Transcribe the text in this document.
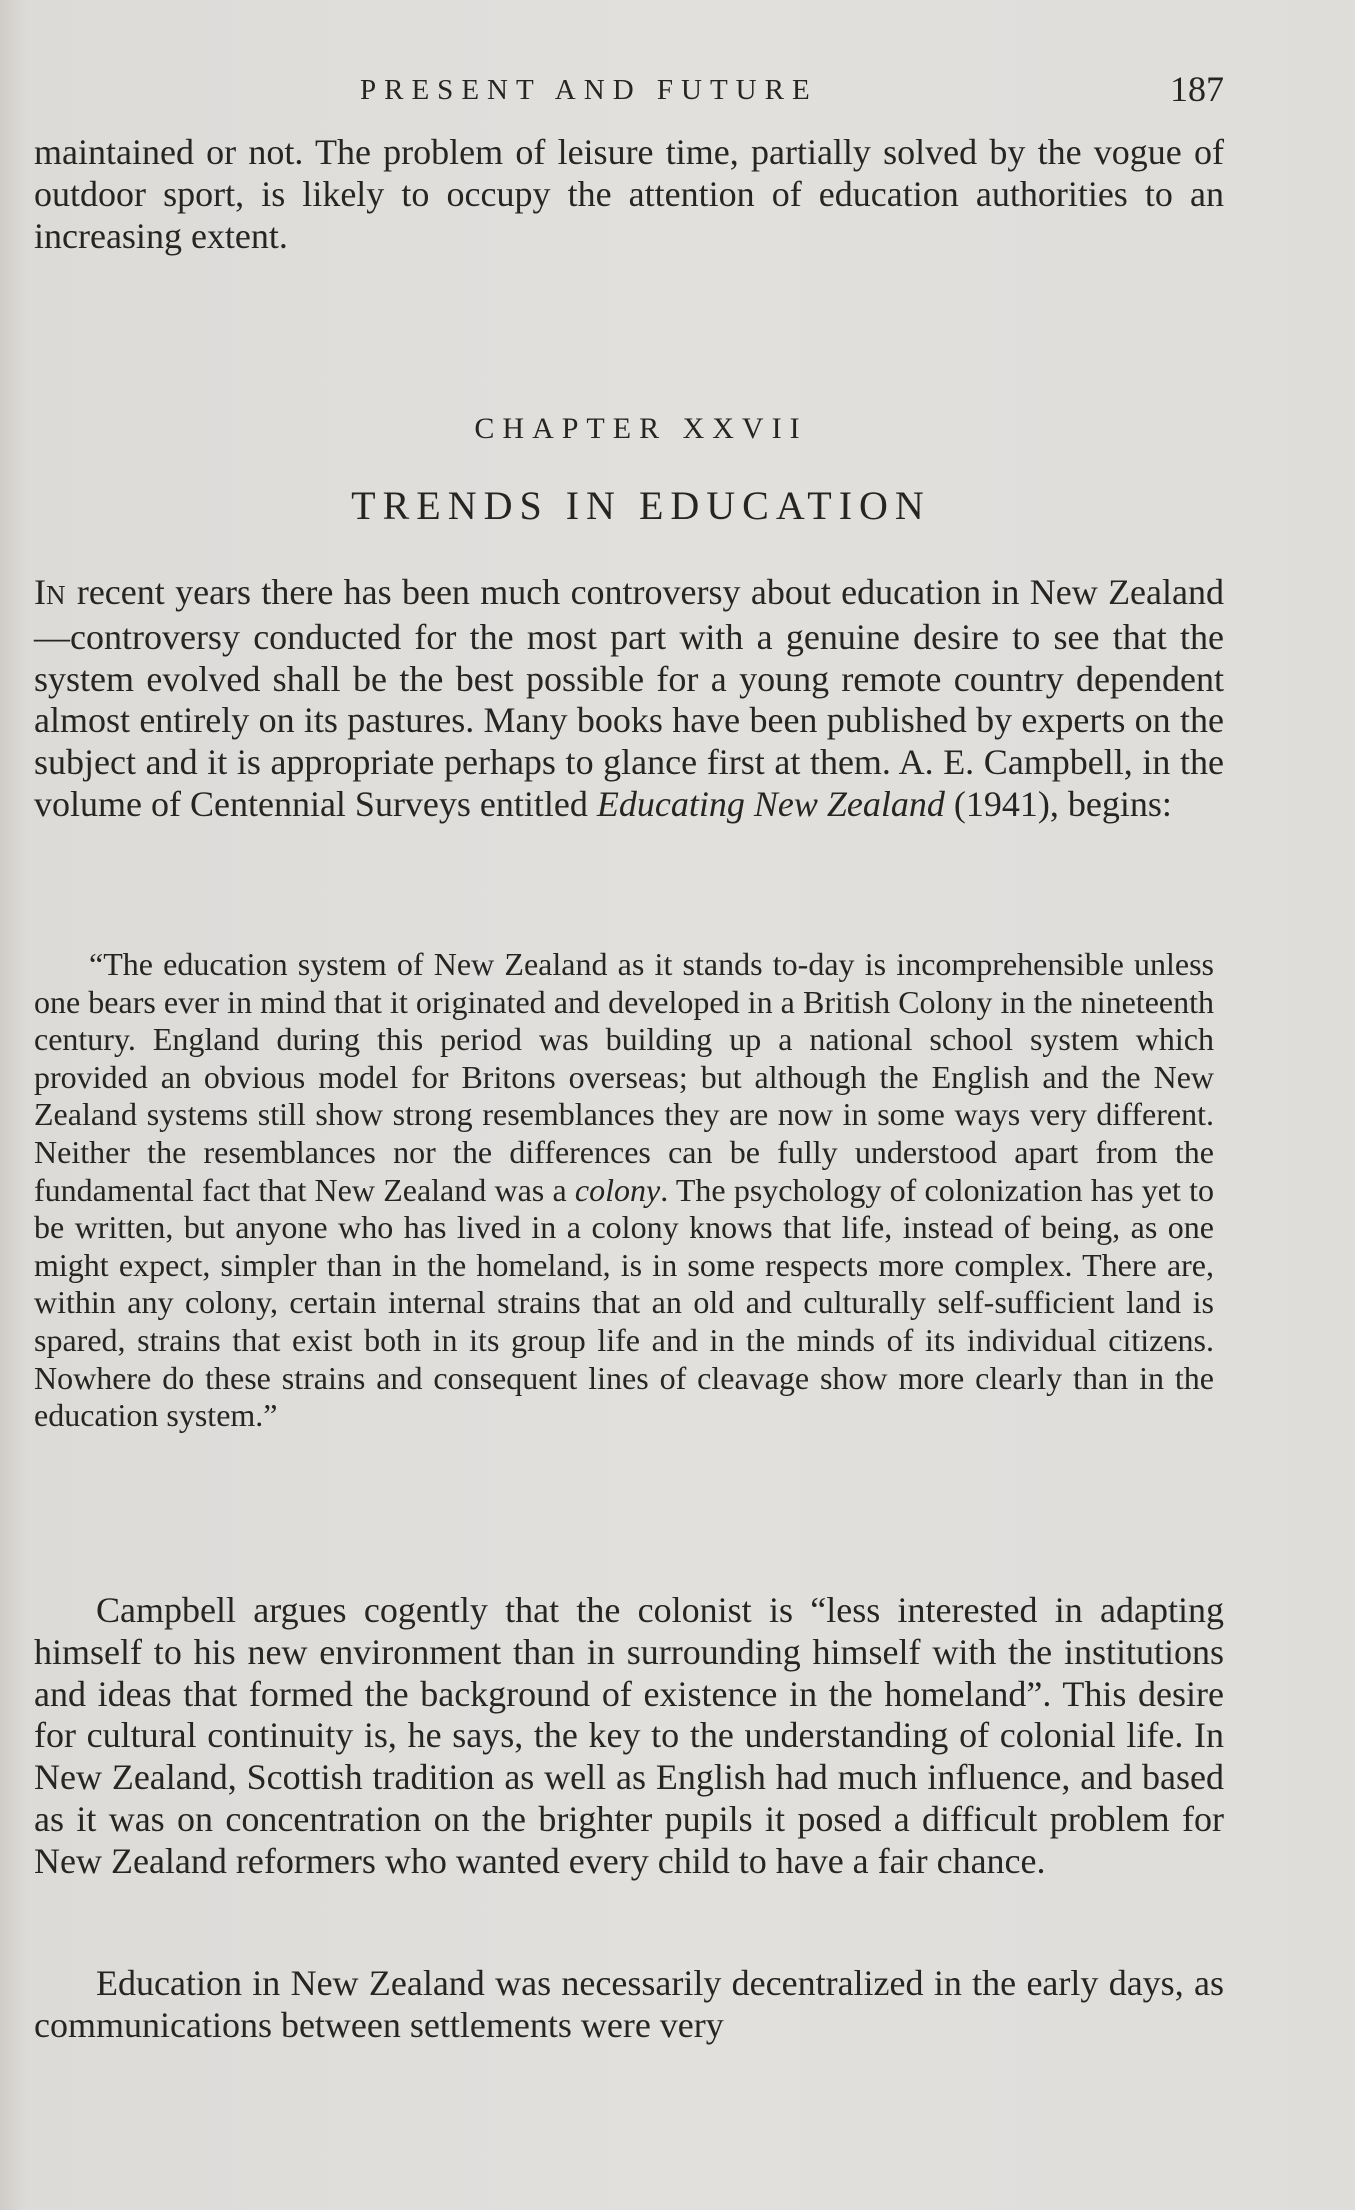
PRESENT AND FUTURE	187

maintained or not. The problem of leisure time, partially solved by the vogue of outdoor sport, is likely to occupy the attention of education authorities to an increasing extent.

CHAPTER XXVII
TRENDS IN EDUCATION

IN recent years there has been much controversy about education in New Zealand—controversy conducted for the most part with a genuine desire to see that the system evolved shall be the best possible for a young remote country dependent almost entirely on its pastures. Many books have been published by experts on the subject and it is appropriate perhaps to glance first at them. A. E. Campbell, in the volume of Centennial Surveys entitled Educating New Zealand (1941), begins:

“The education system of New Zealand as it stands to-day is incomprehensible unless one bears ever in mind that it originated and developed in a British Colony in the nineteenth century. England during this period was building up a national school system which provided an obvious model for Britons overseas; but although the English and the New Zealand systems still show strong resemblances they are now in some ways very different. Neither the resemblances nor the differences can be fully understood apart from the fundamental fact that New Zealand was a colony. The psychology of colonization has yet to be written, but anyone who has lived in a colony knows that life, instead of being, as one might expect, simpler than in the homeland, is in some respects more complex. There are, within any colony, certain internal strains that an old and culturally self-sufficient land is spared, strains that exist both in its group life and in the minds of its individual citizens. Nowhere do these strains and consequent lines of cleavage show more clearly than in the education system.”

Campbell argues cogently that the colonist is “less interested in adapting himself to his new environment than in surrounding himself with the institutions and ideas that formed the background of existence in the homeland”. This desire for cultural continuity is, he says, the key to the understanding of colonial life. In New Zealand, Scottish tradition as well as English had much influence, and based as it was on concentration on the brighter pupils it posed a difficult problem for New Zealand reformers who wanted every child to have a fair chance.

Education in New Zealand was necessarily decentralized in the early days, as communications between settlements were very
